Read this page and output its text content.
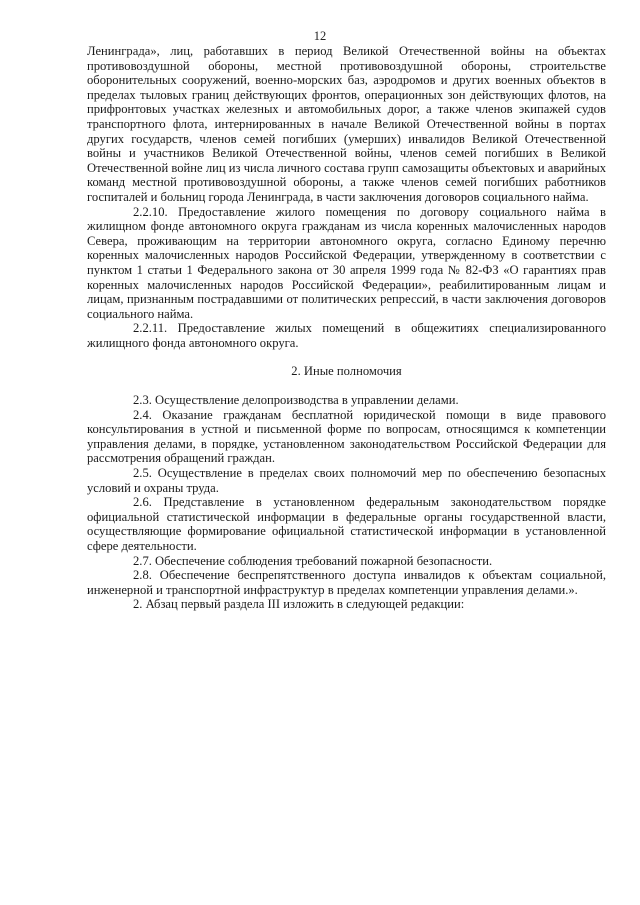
12

Ленинграда», лиц, работавших в период Великой Отечественной войны на объектах противовоздушной обороны, местной противовоздушной обороны, строительстве оборонительных сооружений, военно-морских баз, аэродромов и других военных объектов в пределах тыловых границ действующих фронтов, операционных зон действующих флотов, на прифронтовых участках железных и автомобильных дорог, а также членов экипажей судов транспортного флота, интернированных в начале Великой Отечественной войны в портах других государств, членов семей погибших (умерших) инвалидов Великой Отечественной войны и участников Великой Отечественной войны, членов семей погибших в Великой Отечественной войне лиц из числа личного состава групп самозащиты объектовых и аварийных команд местной противовоздушной обороны, а также членов семей погибших работников госпиталей и больниц города Ленинграда, в части заключения договоров социального найма.

2.2.10. Предоставление жилого помещения по договору социального найма в жилищном фонде автономного округа гражданам из числа коренных малочисленных народов Севера, проживающим на территории автономного округа, согласно Единому перечню коренных малочисленных народов Российской Федерации, утвержденному в соответствии с пунктом 1 статьи 1 Федерального закона от 30 апреля 1999 года № 82-ФЗ «О гарантиях прав коренных малочисленных народов Российской Федерации», реабилитированным лицам и лицам, признанным пострадавшими от политических репрессий, в части заключения договоров социального найма.

2.2.11. Предоставление жилых помещений в общежитиях специализированного жилищного фонда автономного округа.

2. Иные полномочия

2.3. Осуществление делопроизводства в управлении делами.

2.4. Оказание гражданам бесплатной юридической помощи в виде правового консультирования в устной и письменной форме по вопросам, относящимся к компетенции управления делами, в порядке, установленном законодательством Российской Федерации для рассмотрения обращений граждан.

2.5. Осуществление в пределах своих полномочий мер по обеспечению безопасных условий и охраны труда.

2.6. Представление в установленном федеральным законодательством порядке официальной статистической информации в федеральные органы государственной власти, осуществляющие формирование официальной статистической информации в установленной сфере деятельности.

2.7. Обеспечение соблюдения требований пожарной безопасности.

2.8. Обеспечение беспрепятственного доступа инвалидов к объектам социальной, инженерной и транспортной инфраструктур в пределах компетенции управления делами.».

2. Абзац первый раздела III изложить в следующей редакции:
